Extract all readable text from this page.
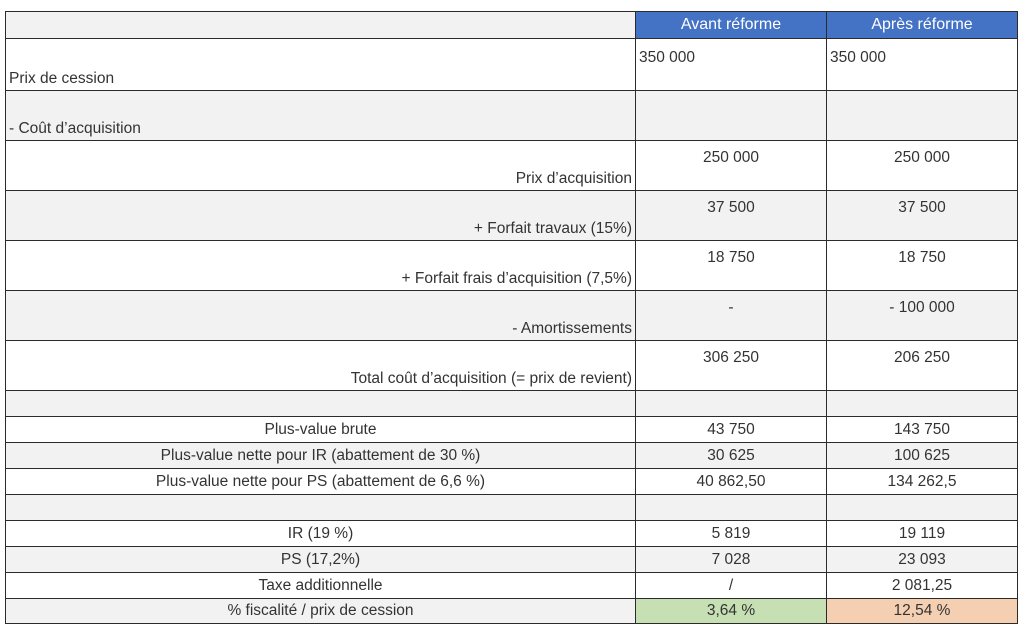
	Avant réforme	Après réforme
Prix de cession	350 000	350 000
- Coût d’acquisition		
Prix d’acquisition	250 000	250 000
+ Forfait travaux (15%)	37 500	37 500
+ Forfait frais d’acquisition (7,5%)	18 750	18 750
- Amortissements	-	- 100 000
Total coût d’acquisition (= prix de revient)	306 250	206 250

Plus-value brute	43 750	143 750
Plus-value nette pour IR (abattement de 30 %)	30 625	100 625
Plus-value nette pour PS (abattement de 6,6 %)	40 862,50	134 262,5

IR (19 %)	5 819	19 119
PS (17,2%)	7 028	23 093
Taxe additionnelle	/	2 081,25
% fiscalité / prix de cession	3,64 %	12,54 %
